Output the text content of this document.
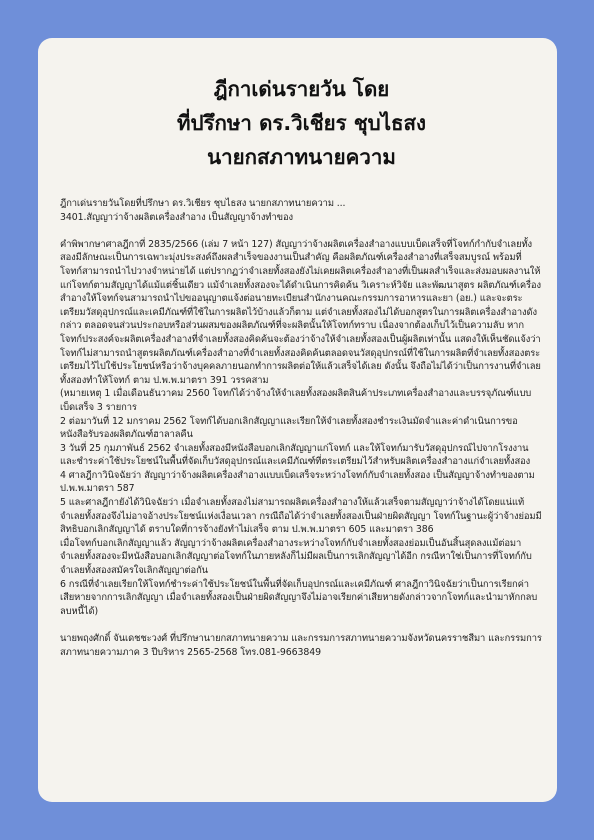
ฎีกาเด่นรายวัน โดย
ที่ปรึกษา ดร.วิเชียร ชุบไธสง
นายกสภาทนายความ

ฎีกาเด่นรายวันโดยที่ปรึกษา ดร.วิเชียร ชุบไธสง นายกสภาทนายความ ...

3401.สัญญาว่าจ้างผลิตเครื่องสำอาง เป็นสัญญาจ้างทำของ

คำพิพากษาศาลฎีกาที่ 2835/2566 (เล่ม 7 หน้า 127) สัญญาว่าจ้างผลิตเครื่องสำอางแบบเบ็ดเสร็จที่โจทก์กำกับจำเลยทั้งสองมีลักษณะเป็นการเฉพาะมุ่งประสงค์ถึงผลสำเร็จของงานเป็นสำคัญ คือผลิตภัณฑ์เครื่องสำอางที่เสร็จสมบูรณ์ พร้อมที่โจทก์สามารถนำไปวางจำหน่ายได้ แต่ปรากฏว่าจำเลยทั้งสองยังไม่เคยผลิตเครื่องสำอางที่เป็นผลสำเร็จและส่งมอบผลงานให้แก่โจทก์ตามสัญญาได้แม้แต่ชิ้นเดียว แม้จำเลยทั้งสองจะได้ดำเนินการคิดค้น วิเคราะห์วิจัย และพัฒนาสูตร ผลิตภัณฑ์เครื่องสำอางให้โจทก์จนสามารถนำไปขออนุญาตแจ้งต่อนายทะเบียนสำนักงานคณะกรรมการอาหารและยา (อย.) และจะตระเตรียมวัสดุอุปกรณ์และเคมีภัณฑ์ที่ใช้ในการผลิตไว้บ้างแล้วก็ตาม แต่จำเลยทั้งสองไม่ได้บอกสูตรในการผลิตเครื่องสำอางดังกล่าว ตลอดจนส่วนประกอบหรือส่วนผสมของผลิตภัณฑ์ที่จะผลิตนั้นให้โจทก์ทราบ เนื่องจากต้องเก็บไว้เป็นความลับ หากโจทก์ประสงค์จะผลิตเครื่องสำอางที่จำเลยทั้งสองคิดค้นจะต้องว่าจ้างให้จำเลยทั้งสองเป็นผู้ผลิตเท่านั้น แสดงให้เห็นชัดแจ้งว่า โจทก์ไม่สามารถนำสูตรผลิตภัณฑ์เครื่องสำอางที่จำเลยทั้งสองคิดค้นตลอดจนวัสดุอุปกรณ์ที่ใช้ในการผลิตที่จำเลยทั้งสองตระเตรียมไว้ไปใช้ประโยชน์หรือว่าจ้างบุคคลภายนอกทำการผลิตต่อให้แล้วเสร็จได้เลย ดังนั้น จึงถือไม่ได้ว่าเป็นการงานที่จำเลยทั้งสองทำให้โจทก์ ตาม ป.พ.พ.มาตรา 391 วรรคสาม

(หมายเหตุ 1 เมื่อเดือนธันวาคม 2560 โจทก์ได้ว่าจ้างให้จำเลยทั้งสองผลิตสินค้าประเภทเครื่องสำอางและบรรจุภัณฑ์แบบเบ็ดเสร็จ 3 รายการ

2 ต่อมาวันที่ 12 มกราคม 2562 โจทก์ได้บอกเลิกสัญญาและเรียกให้จำเลยทั้งสองชำระเงินมัดจำและค่าดำเนินการขอหนังสือรับรองผลิตภัณฑ์ฮาลาลคืน

3 วันที่ 25 กุมภาพันธ์ 2562 จำเลยทั้งสองมีหนังสือบอกเลิกสัญญาแก่โจทก์ และให้โจทก์มารับวัสดุอุปกรณ์ไปจากโรงงานและชำระค่าใช้ประโยชน์ในพื้นที่จัดเก็บวัสดุอุปกรณ์และเคมีภัณฑ์ที่ตระเตรียมไว้สำหรับผลิตเครื่องสำอางแก่จำเลยทั้งสอง

4 ศาลฎีกาวินิจฉัยว่า สัญญาว่าจ้างผลิตเครื่องสำอางแบบเบ็ดเสร็จระหว่างโจทก์กับจำเลยทั้งสอง เป็นสัญญาจ้างทำของตาม ป.พ.พ.มาตรา 587

5 และศาลฎีกายังได้วินิจฉัยว่า เมื่อจำเลยทั้งสองไม่สามารถผลิตเครื่องสำอางให้แล้วเสร็จตามสัญญาว่าจ้างได้โดยแน่แท้ จำเลยทั้งสองจึงไม่อาจอ้างประโยชน์แห่งเงื่อนเวลา กรณีถือได้ว่าจำเลยทั้งสองเป็นฝ่ายผิดสัญญา โจทก์ในฐานะผู้ว่าจ้างย่อมมีสิทธิบอกเลิกสัญญาได้ ตราบใดที่การจ้างยังทำไม่เสร็จ ตาม ป.พ.พ.มาตรา 605 และมาตรา 386

เมื่อโจทก์บอกเลิกสัญญาแล้ว สัญญาว่าจ้างผลิตเครื่องสำอางระหว่างโจทก์กับจำเลยทั้งสองย่อมเป็นอันสิ้นสุดลงแม้ต่อมาจำเลยทั้งสองจะมีหนังสือบอกเลิกสัญญาต่อโจทก์ในภายหลังก็ไม่มีผลเป็นการเลิกสัญญาได้อีก กรณีหาใช่เป็นการที่โจทก์กับจำเลยทั้งสองสมัครใจเลิกสัญญาต่อกัน

6 กรณีที่จำเลยเรียกให้โจทก์ชำระค่าใช้ประโยชน์ในพื้นที่จัดเก็บอุปกรณ์และเคมีภัณฑ์ ศาลฎีกาวินิจฉัยว่าเป็นการเรียกค่าเสียหายจากการเลิกสัญญา เมื่อจำเลยทั้งสองเป็นฝ่ายผิดสัญญาจึงไม่อาจเรียกค่าเสียหายดังกล่าวจากโจทก์และนำมาหักกลบลบหนี้ได้)

นายพฤงศักดิ์ จันเดชชะวงศ์ ที่ปรึกษานายกสภาทนายความ และกรรมการสภาทนายความจังหวัดนครราชสีมา และกรรมการสภาทนายความภาค 3 ปีบริหาร 2565-2568 โทร.081-9663849
